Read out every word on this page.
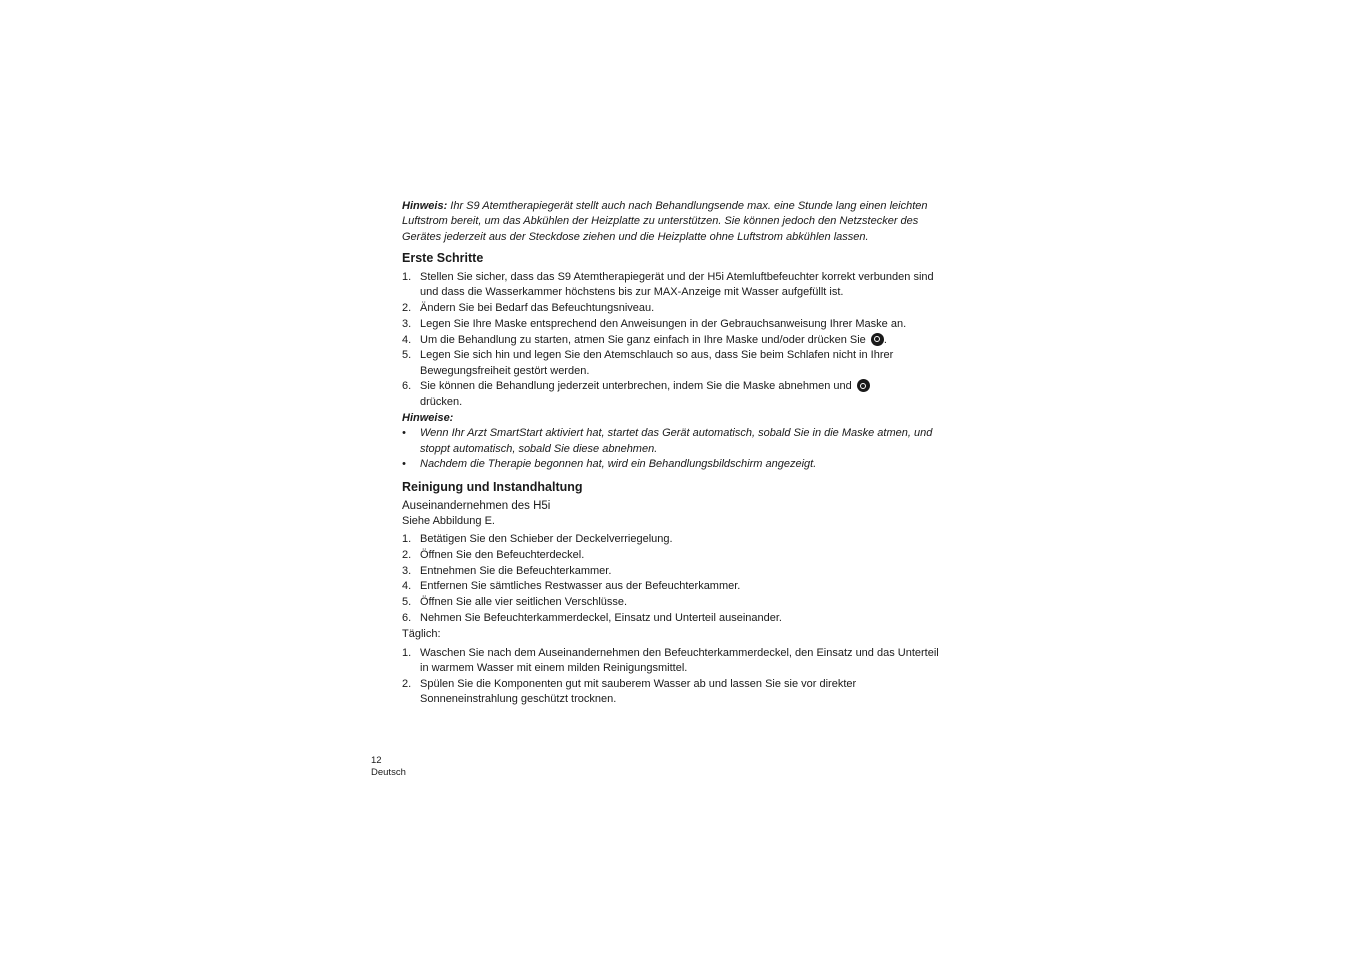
Hinweis: Ihr S9 Atemtherapiegerät stellt auch nach Behandlungsende max. eine Stunde lang einen leichten Luftstrom bereit, um das Abkühlen der Heizplatte zu unterstützen. Sie können jedoch den Netzstecker des Gerätes jederzeit aus der Steckdose ziehen und die Heizplatte ohne Luftstrom abkühlen lassen.

Erste Schritte
1. Stellen Sie sicher, dass das S9 Atemtherapiegerät und der H5i Atemluftbefeuchter korrekt verbunden sind und dass die Wasserkammer höchstens bis zur MAX-Anzeige mit Wasser aufgefüllt ist.
2. Ändern Sie bei Bedarf das Befeuchtungsniveau.
3. Legen Sie Ihre Maske entsprechend den Anweisungen in der Gebrauchsanweisung Ihrer Maske an.
4. Um die Behandlung zu starten, atmen Sie ganz einfach in Ihre Maske und/oder drücken Sie .
5. Legen Sie sich hin und legen Sie den Atemschlauch so aus, dass Sie beim Schlafen nicht in Ihrer Bewegungsfreiheit gestört werden.
6. Sie können die Behandlung jederzeit unterbrechen, indem Sie die Maske abnehmen und
drücken.

Hinweise:

• Wenn Ihr Arzt SmartStart aktiviert hat, startet das Gerät automatisch, sobald Sie in die Maske atmen, und stoppt automatisch, sobald Sie diese abnehmen.
• Nachdem die Therapie begonnen hat, wird ein Behandlungsbildschirm angezeigt.
Reinigung und Instandhaltung
Auseinandernehmen des H5i

Siehe Abbildung E.

1. Betätigen Sie den Schieber der Deckelverriegelung.
2. Öffnen Sie den Befeuchterdeckel.
3. Entnehmen Sie die Befeuchterkammer.
4. Entfernen Sie sämtliches Restwasser aus der Befeuchterkammer.
5. Öffnen Sie alle vier seitlichen Verschlüsse.
6. Nehmen Sie Befeuchterkammerdeckel, Einsatz und Unterteil auseinander.

Täglich:

1. Waschen Sie nach dem Auseinandernehmen den Befeuchterkammerdeckel, den Einsatz und das Unterteil in warmem Wasser mit einem milden Reinigungsmittel.
2. Spülen Sie die Komponenten gut mit sauberem Wasser ab und lassen Sie sie vor direkter Sonneneinstrahlung geschützt trocknen.
12
Deutsch
